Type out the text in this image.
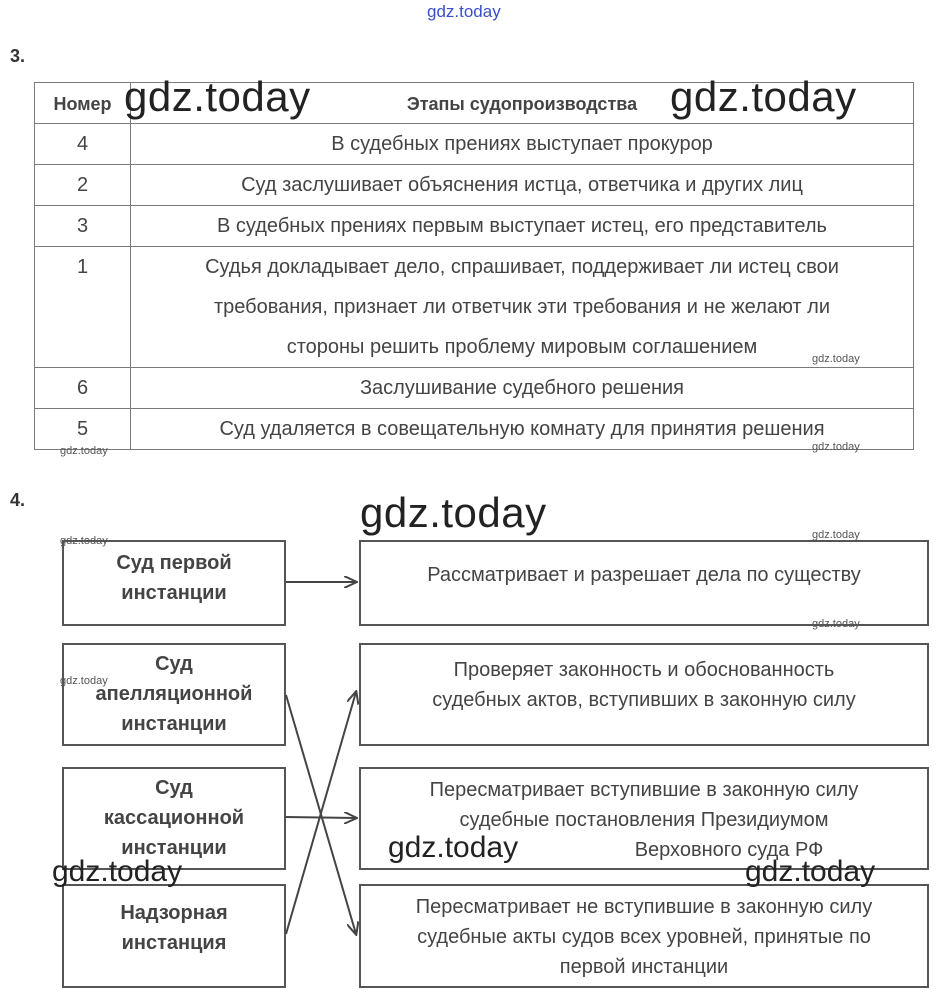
gdz.today
3.
Номер	Этапы судопроизводства
4	В судебных прениях выступает прокурор
2	Суд заслушивает объяснения истца, ответчика и других лиц
3	В судебных прениях первым выступает истец, его представитель
1	Судья докладывает дело, спрашивает, поддерживает ли истец свои
требования, признает ли ответчик эти требования и не желают ли
стороны решить проблему мировым соглашением

6	Заслушивание судебного решения
5	Суд удаляется в совещательную комнату для принятия решения
gdz.today	gdz.today
gdz.today
gdz.today	gdz.today
4.	gdz.today
Суд первой
инстанции
Суд
апелляционной
инстанции
Суд
кассационной
инстанции
Надзорная
инстанция
Рассматривает и разрешает дела по существу
Проверяет законность и обоснованность
судебных актов, вступивших в законную силу
Пересматривает вступившие в законную силу
судебные постановления Президиумом
Верховного суда РФ
Пересматривает не вступившие в законную силу
судебные акты судов всех уровней, принятые по
первой инстанции
gdz.today	gdz.today
gdz.today
gdz.today
gdz.today
gdz.today	gdz.today
